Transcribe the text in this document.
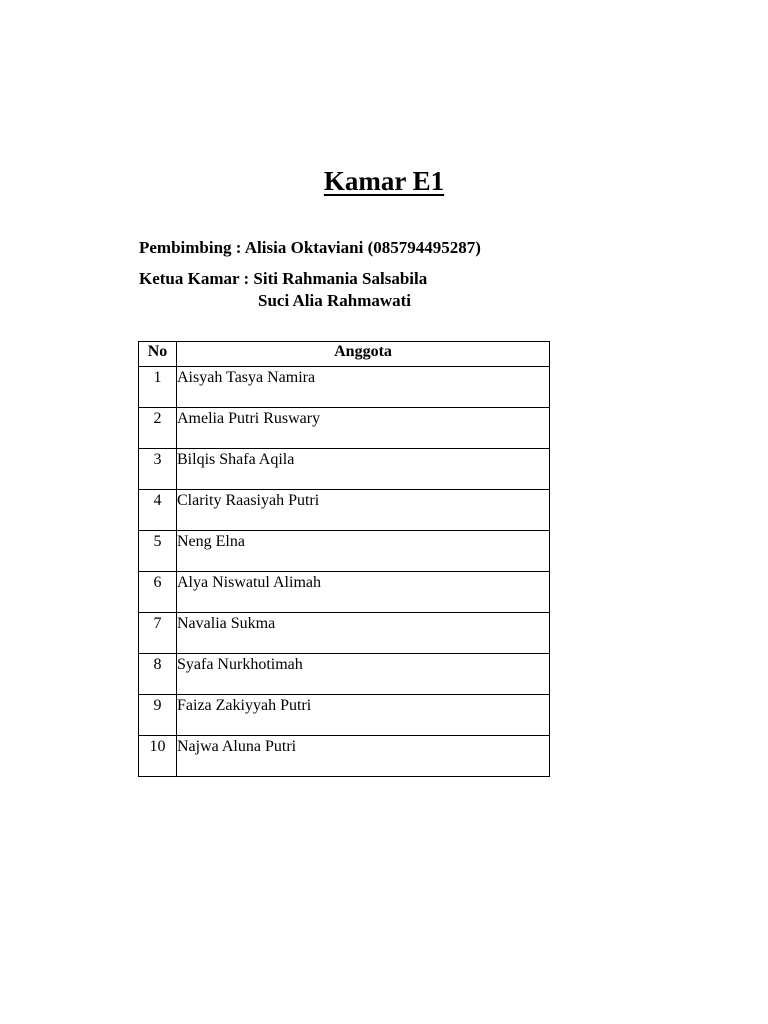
Kamar E1
Pembimbing : Alisia Oktaviani (085794495287)
Ketua Kamar : Siti Rahmania Salsabila
Suci Alia Rahmawati
No	Anggota
1	Aisyah Tasya Namira
2	Amelia Putri Ruswary
3	Bilqis Shafa Aqila
4	Clarity Raasiyah Putri
5	Neng Elna
6	Alya Niswatul Alimah
7	Navalia Sukma
8	Syafa Nurkhotimah
9	Faiza Zakiyyah Putri
10	Najwa Aluna Putri
